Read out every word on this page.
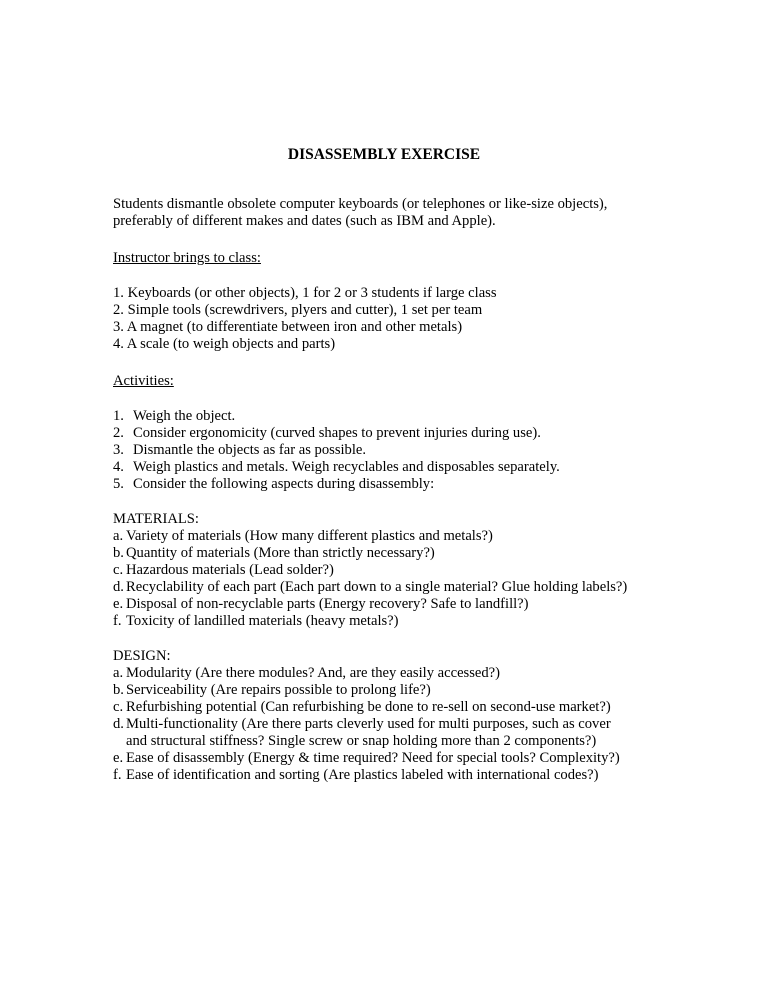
DISASSEMBLY EXERCISE
Students dismantle obsolete computer keyboards (or telephones or like-size objects),
preferably of different makes and dates (such as IBM and Apple).
Instructor brings to class:
1. Keyboards (or other objects), 1 for 2 or 3 students if large class
2. Simple tools (screwdrivers, plyers and cutter), 1 set per team
3. A magnet (to differentiate between iron and other metals)
4. A scale (to weigh objects and parts)
Activities:
1. Weigh the object.
2. Consider ergonomicity (curved shapes to prevent injuries during use).
3. Dismantle the objects as far as possible.
4. Weigh plastics and metals. Weigh recyclables and disposables separately.
5. Consider the following aspects during disassembly:
MATERIALS:
a. Variety of materials (How many different plastics and metals?)
b. Quantity of materials (More than strictly necessary?)
c. Hazardous materials (Lead solder?)
d. Recyclability of each part (Each part down to a single material? Glue holding labels?)
e. Disposal of non-recyclable parts (Energy recovery? Safe to landfill?)
f. Toxicity of landilled materials (heavy metals?)
DESIGN:
a. Modularity (Are there modules? And, are they easily accessed?)
b. Serviceability (Are repairs possible to prolong life?)
c. Refurbishing potential (Can refurbishing be done to re-sell on second-use market?)
d. Multi-functionality (Are there parts cleverly used for multi purposes, such as cover
and structural stiffness? Single screw or snap holding more than 2 components?)
e. Ease of disassembly (Energy & time required? Need for special tools? Complexity?)
f. Ease of identification and sorting (Are plastics labeled with international codes?)
